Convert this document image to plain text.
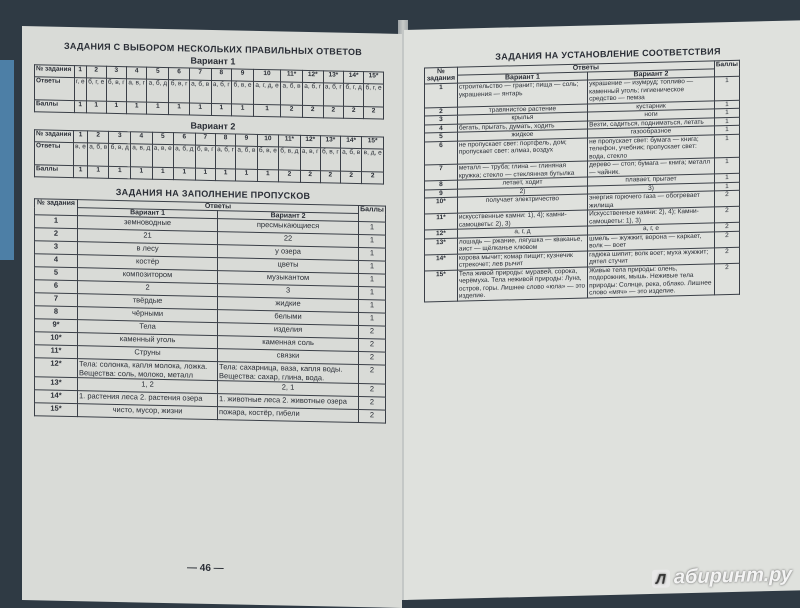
ЗАДАНИЯ С ВЫБОРОМ НЕСКОЛЬКИХ ПРАВИЛЬНЫХ ОТВЕТОВ
Вариант 1
№ задания	1	2	3	4	5	6	7	8	9	10	11*	12*	13*	14*	15*
Ответы	г, е	б, г, е	б, в, г	а, в, г	а, б, д	б, в, г	а, б, в	а, б, г	б, в, е	а, г, д, е	а, б, в	а, б, г	а, б, г	б, г, д	б, г, е
Баллы	1	1	1	1	1	1	1	1	1	1	2	2	2	2	2
Вариант 2
№ задания	1	2	3	4	5	6	7	8	9	10	11*	12*	13*	14*	15*
Ответы	в, е	а, б, в	б, в, д	а, в, д	а, в, е	а, б, д	б, в, г	а, б, г	а, б, в	б, в, е	б, в, д	а, в, г	б, в, г	а, б, в	в, д, е
Баллы	1	1	1	1	1	1	1	1	1	1	2	2	2	2	2
ЗАДАНИЯ НА ЗАПОЛНЕНИЕ ПРОПУСКОВ
№ задания	Ответы		Баллы
	Вариант 1	Вариант 2	
1	земноводные	пресмыкающиеся	1
2	21	22	1
3	в лесу	у озера	1
4	костёр	цветы	1
5	композитором	музыкантом	1
6	2	3	1
7	твёрдые	жидкие	1
8	чёрными	белыми	1
9*	Тела	изделия	2
10*	каменный уголь	каменная соль	2
11*	Струны	связки	2
12*	Тела: солонка, капля молока, ложка. Вещества: соль, молоко, металл	Тела: сахарница, ваза, капля воды. Вещества: сахар, глина, вода.	2
13*	1, 2	2, 1	2
14*	1. растения леса 2. растения озера	1. животные леса 2. животные озера	2
15*	чисто, мусор, жизни	пожара, костёр, гибели	2
— 46 —
ЗАДАНИЯ НА УСТАНОВЛЕНИЕ СООТВЕТСТВИЯ
№ задания	Ответы		Баллы
	Вариант 1	Вариант 2	
1	строительство — гранит; пища — соль; украшения — янтарь	украшение — изумруд; топливо — каменный уголь; гигиеническое средство — пемза	1
2	травянистое растение	кустарник	1
3	крылья	ноги	1
4	бегать, прыгать, думать, ходить	Везти, садиться, подниматься, летать	1
5	жидкое	газообразное	1
6	не пропускает свет: портфель, дом; пропускает свет: алмаз, воздух	не пропускает свет: бумага — книга; телефон, учебник; пропускает свет: вода, стекло	1
7	металл — труба; глина — глиняная кружка; стекло — стеклянная бутылка	дерево — стол; бумага — книга; металл — чайник.	1
8	летает, ходит	плавает, прыгает	1
9	2)	3)	1
10*	получает электричество	энергия горючего газа — обогревает жилища	2
11*	искусственные камни: 1), 4); камни-самоцветы: 2), 3)	Искусственные камни: 2), 4); Камни-самоцветы: 1), 3)	2
12*	а, г, д	а, г, е	2
13*	лошадь — ржание, лягушка — кваканье, аист — щёлканье клювом	шмель — жужжит, ворона — каркает, волк — воет	2
14*	корова мычит; комар пищит; кузнечик стрекочет; лев рычит	гадюка шипит; волк воет; муха жужжит; дятел стучит	2
15*	Тела живой природы: муравей, сорока, черёмуха. Тела неживой природы: Луна, остров, горы. Лишнее слово «юла» — это изделие.	Живые тела природы: олень, подорожник, мышь. Неживые тела природы: Солнце, река, облако. Лишнее слово «мяч» — это изделие.	2
Л абиринт.ру
